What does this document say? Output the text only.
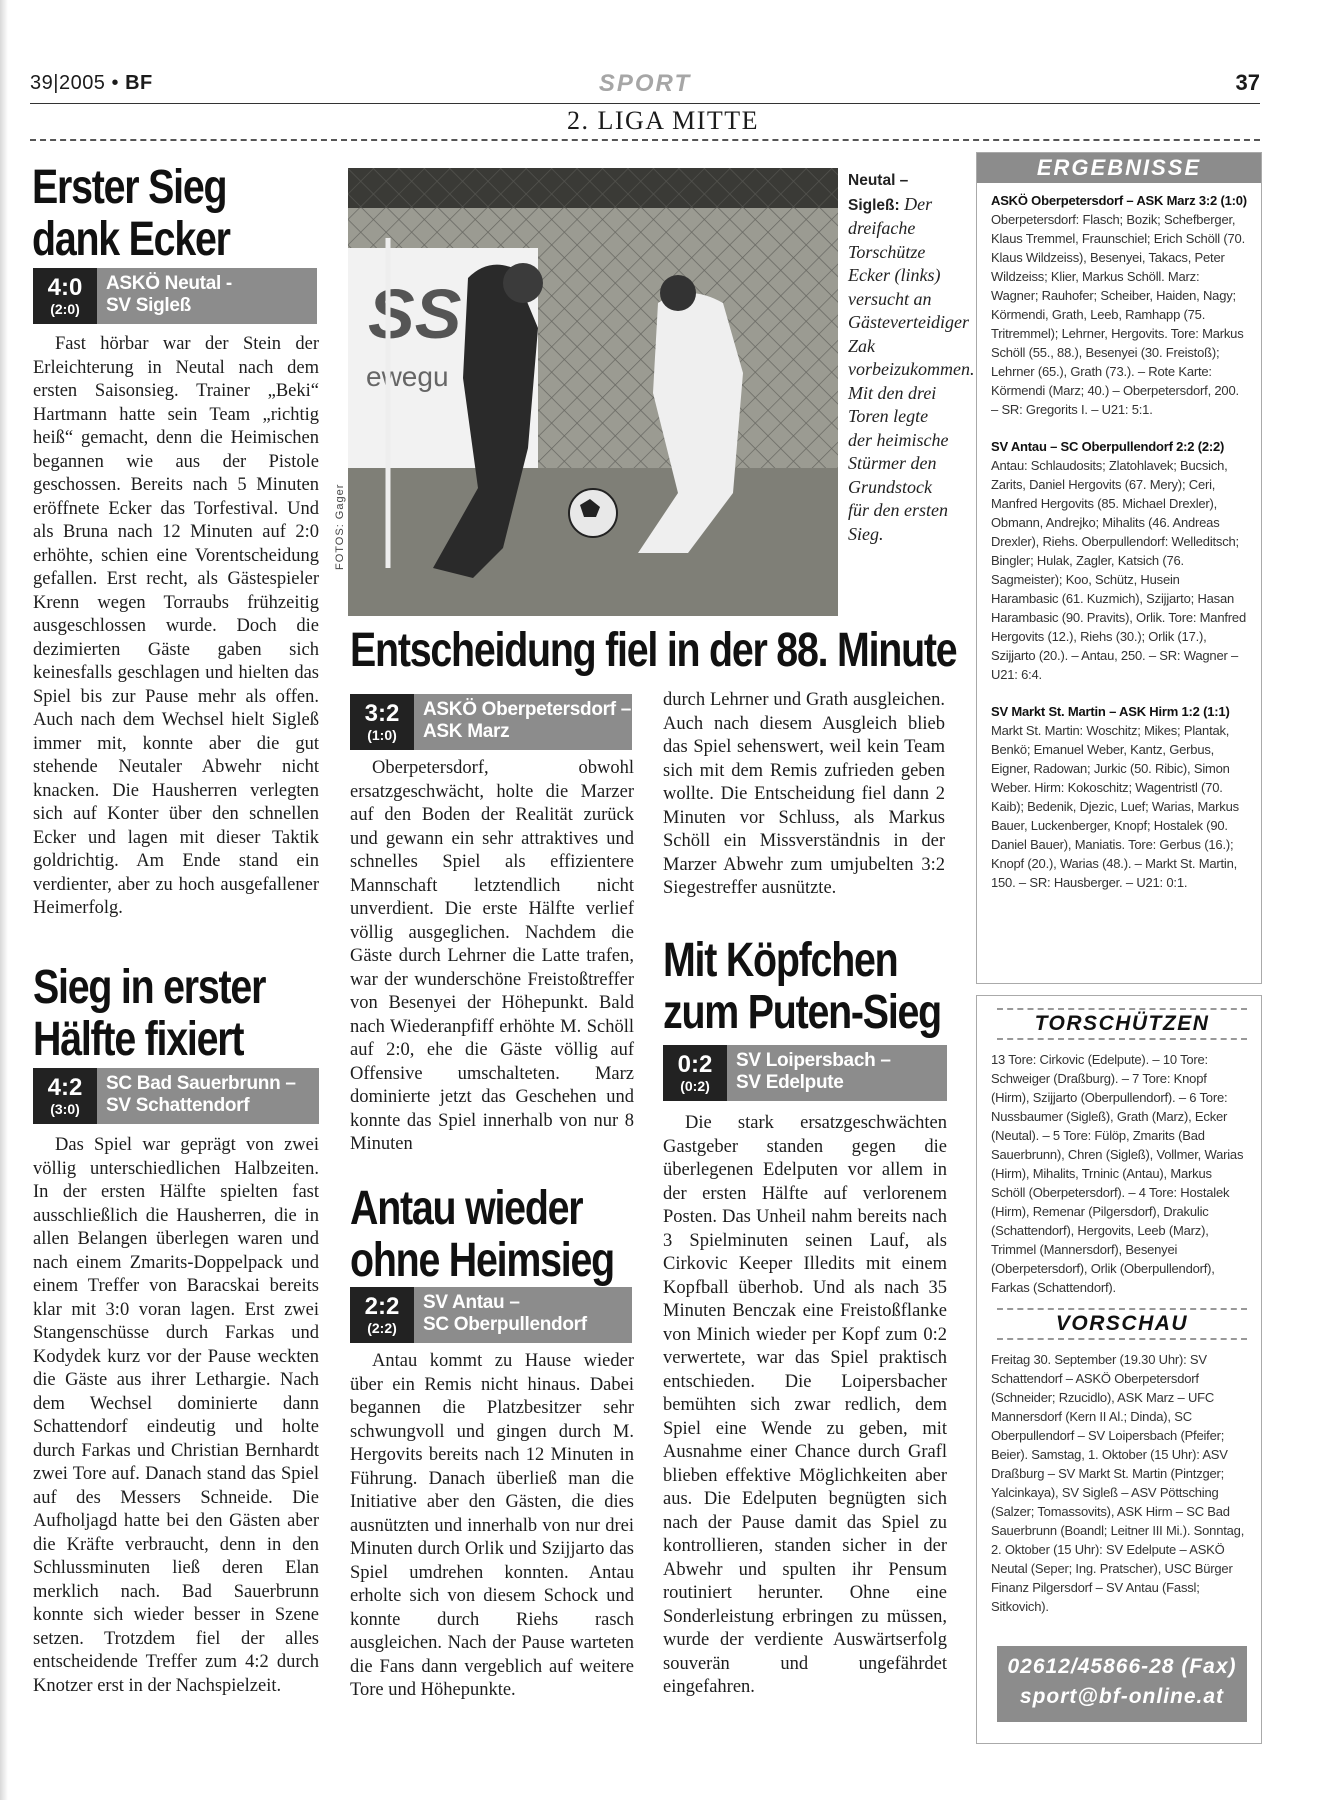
39|2005 • BF	SPORT	37
2. LIGA MITTE
Erster Sieg
dank Ecker
4:0
(2:0)
ASKÖ Neutal -
SV Sigleß

Fast hörbar war der Stein der Erleichterung in Neutal nach dem ersten Saisonsieg. Trainer „Beki“ Hartmann hatte sein Team „richtig heiß“ gemacht, denn die Heimischen begannen wie aus der Pistole geschossen. Bereits nach 5 Minuten eröffnete Ecker das Torfestival. Und als Bruna nach 12 Minuten auf 2:0 erhöhte, schien eine Vorentscheidung gefallen. Erst recht, als Gästespieler Krenn wegen Torraubs frühzeitig ausgeschlossen wurde. Doch die dezimierten Gäste gaben sich keinesfalls geschlagen und hielten das Spiel bis zur Pause mehr als offen. Auch nach dem Wechsel hielt Sigleß immer mit, konnte aber die gut stehende Neutaler Abwehr nicht knacken. Die Hausherren verlegten sich auf Konter über den schnellen Ecker und lagen mit dieser Taktik goldrichtig. Am Ende stand ein verdienter, aber zu hoch ausgefallener Heimerfolg.

Sieg in erster
Hälfte fixiert
4:2
(3:0)
SC Bad Sauerbrunn –
SV Schattendorf

Das Spiel war geprägt von zwei völlig unterschiedlichen Halbzeiten. In der ersten Hälfte spielten fast ausschließlich die Hausherren, die in allen Belangen überlegen waren und nach einem Zmarits-Doppelpack und einem Treffer von Baracskai bereits klar mit 3:0 voran lagen. Erst zwei Stangenschüsse durch Farkas und Kodydek kurz vor der Pause weckten die Gäste aus ihrer Lethargie. Nach dem Wechsel dominierte dann Schattendorf eindeutig und holte durch Farkas und Christian Bernhardt zwei Tore auf. Danach stand das Spiel auf des Messers Schneide. Die Aufholjagd hatte bei den Gästen aber die Kräfte verbraucht, denn in den Schlussminuten ließ deren Elan merklich nach. Bad Sauerbrunn konnte sich wieder besser in Szene setzen. Trotzdem fiel der alles entscheidende Treffer zum 4:2 durch Knotzer erst in der Nachspielzeit.

SS
ewegu
FOTOS: Gager
Neutal – Sigleß: Der dreifache Torschütze Ecker (links) versucht an Gästeverteidiger Zak vorbeizukommen. Mit den drei Toren legte der heimische Stürmer den Grundstock für den ersten Sieg.
Entscheidung fiel in der 88. Minute
3:2
(1:0)
ASKÖ Oberpetersdorf –
ASK Marz

Oberpetersdorf, obwohl ersatzgeschwächt, holte die Marzer auf den Boden der Realität zurück und gewann ein sehr attraktives und schnelles Spiel als effizientere Mannschaft letztendlich nicht unverdient. Die erste Hälfte verlief völlig ausgeglichen. Nachdem die Gäste durch Lehrner die Latte trafen, war der wunderschöne Freistoßtreffer von Besenyei der Höhepunkt. Bald nach Wiederanpfiff erhöhte M. Schöll auf 2:0, ehe die Gäste völlig auf Offensive umschalteten. Marz dominierte jetzt das Geschehen und konnte das Spiel innerhalb von nur 8 Minuten

durch Lehrner und Grath ausgleichen. Auch nach diesem Ausgleich blieb das Spiel sehenswert, weil kein Team sich mit dem Remis zufrieden geben wollte. Die Entscheidung fiel dann 2 Minuten vor Schluss, als Markus Schöll ein Missverständnis in der Marzer Abwehr zum umjubelten 3:2 Siegestreffer ausnützte.

Antau wieder
ohne Heimsieg
2:2
(2:2)
SV Antau –
SC Oberpullendorf

Antau kommt zu Hause wieder über ein Remis nicht hinaus. Dabei begannen die Platzbesitzer sehr schwungvoll und gingen durch M. Hergovits bereits nach 12 Minuten in Führung. Danach überließ man die Initiative aber den Gästen, die dies ausnützten und innerhalb von nur drei Minuten durch Orlik und Szijjarto das Spiel umdrehen konnten. Antau erholte sich von diesem Schock und konnte durch Riehs rasch ausgleichen. Nach der Pause warteten die Fans dann vergeblich auf weitere Tore und Höhepunkte.

Mit Köpfchen
zum Puten-Sieg
0:2
(0:2)
SV Loipersbach –
SV Edelpute

Die stark ersatzgeschwächten Gastgeber standen gegen die überlegenen Edelputen vor allem in der ersten Hälfte auf verlorenem Posten. Das Unheil nahm bereits nach 3 Spielminuten seinen Lauf, als Cirkovic Keeper Illedits mit einem Kopfball überhob. Und als nach 35 Minuten Benczak eine Freistoßflanke von Minich wieder per Kopf zum 0:2 verwertete, war das Spiel praktisch entschieden. Die Loipersbacher bemühten sich zwar redlich, dem Spiel eine Wende zu geben, mit Ausnahme einer Chance durch Grafl blieben effektive Möglichkeiten aber aus. Die Edelputen begnügten sich nach der Pause damit das Spiel zu kontrollieren, standen sicher in der Abwehr und spulten ihr Pensum routiniert herunter. Ohne eine Sonderleistung erbringen zu müssen, wurde der verdiente Auswärtserfolg souverän und ungefährdet eingefahren.

ERGEBNISSE
ASKÖ Oberpetersdorf – ASK Marz 3:2 (1:0)
Oberpetersdorf: Flasch; Bozik; Schefberger, Klaus Tremmel, Fraunschiel; Erich Schöll (70. Klaus Wildzeiss), Besenyei, Takacs, Peter Wildzeiss; Klier, Markus Schöll. Marz: Wagner; Rauhofer; Scheiber, Haiden, Nagy; Körmendi, Grath, Leeb, Ramhapp (75. Tritremmel); Lehrner, Hergovits. Tore: Markus Schöll (55., 88.), Besenyei (30. Freistoß); Lehrner (65.), Grath (73.). – Rote Karte: Körmendi (Marz; 40.) – Oberpetersdorf, 200. – SR: Gregorits I. – U21: 5:1.
SV Antau – SC Oberpullendorf 2:2 (2:2)
Antau: Schlaudosits; Zlatohlavek; Bucsich, Zarits, Daniel Hergovits (67. Mery); Ceri, Manfred Hergovits (85. Michael Drexler), Obmann, Andrejko; Mihalits (46. Andreas Drexler), Riehs. Oberpullendorf: Welleditsch; Bingler; Hulak, Zagler, Katsich (76. Sagmeister); Koo, Schütz, Husein Harambasic (61. Kuzmich), Szijjarto; Hasan Harambasic (90. Pravits), Orlik. Tore: Manfred Hergovits (12.), Riehs (30.); Orlik (17.), Szijjarto (20.). – Antau, 250. – SR: Wagner – U21: 6:4.
SV Markt St. Martin – ASK Hirm 1:2 (1:1)
Markt St. Martin: Woschitz; Mikes; Plantak, Benkö; Emanuel Weber, Kantz, Gerbus, Eigner, Radowan; Jurkic (50. Ribic), Simon Weber. Hirm: Kokoschitz; Wagentristl (70. Kaib); Bedenik, Djezic, Luef; Warias, Markus Bauer, Luckenberger, Knopf; Hostalek (90. Daniel Bauer), Maniatis. Tore: Gerbus (16.); Knopf (20.), Warias (48.). – Markt St. Martin, 150. – SR: Hausberger. – U21: 0:1.
TORSCHÜTZEN
13 Tore: Cirkovic (Edelpute). – 10 Tore: Schweiger (Draßburg). – 7 Tore: Knopf (Hirm), Szijjarto (Oberpullendorf). – 6 Tore: Nussbaumer (Sigleß), Grath (Marz), Ecker (Neutal). – 5 Tore: Fülöp, Zmarits (Bad Sauerbrunn), Chren (Sigleß), Vollmer, Warias (Hirm), Mihalits, Trninic (Antau), Markus Schöll (Oberpetersdorf). – 4 Tore: Hostalek (Hirm), Remenar (Pilgersdorf), Drakulic (Schattendorf), Hergovits, Leeb (Marz), Trimmel (Mannersdorf), Besenyei (Oberpetersdorf), Orlik (Oberpullendorf), Farkas (Schattendorf).
VORSCHAU
Freitag 30. September (19.30 Uhr): SV Schattendorf – ASKÖ Oberpetersdorf (Schneider; Rzucidlo), ASK Marz – UFC Mannersdorf (Kern II Al.; Dinda), SC Oberpullendorf – SV Loipersbach (Pfeifer; Beier). Samstag, 1. Oktober (15 Uhr): ASV Draßburg – SV Markt St. Martin (Pintzger; Yalcinkaya), SV Sigleß – ASV Pöttsching (Salzer; Tomassovits), ASK Hirm – SC Bad Sauerbrunn (Boandl; Leitner III Mi.). Sonntag, 2. Oktober (15 Uhr): SV Edelpute – ASKÖ Neutal (Seper; Ing. Pratscher), USC Bürger Finanz Pilgersdorf – SV Antau (Fassl; Sitkovich).
02612/45866-28 (Fax)
sport@bf-online.at
